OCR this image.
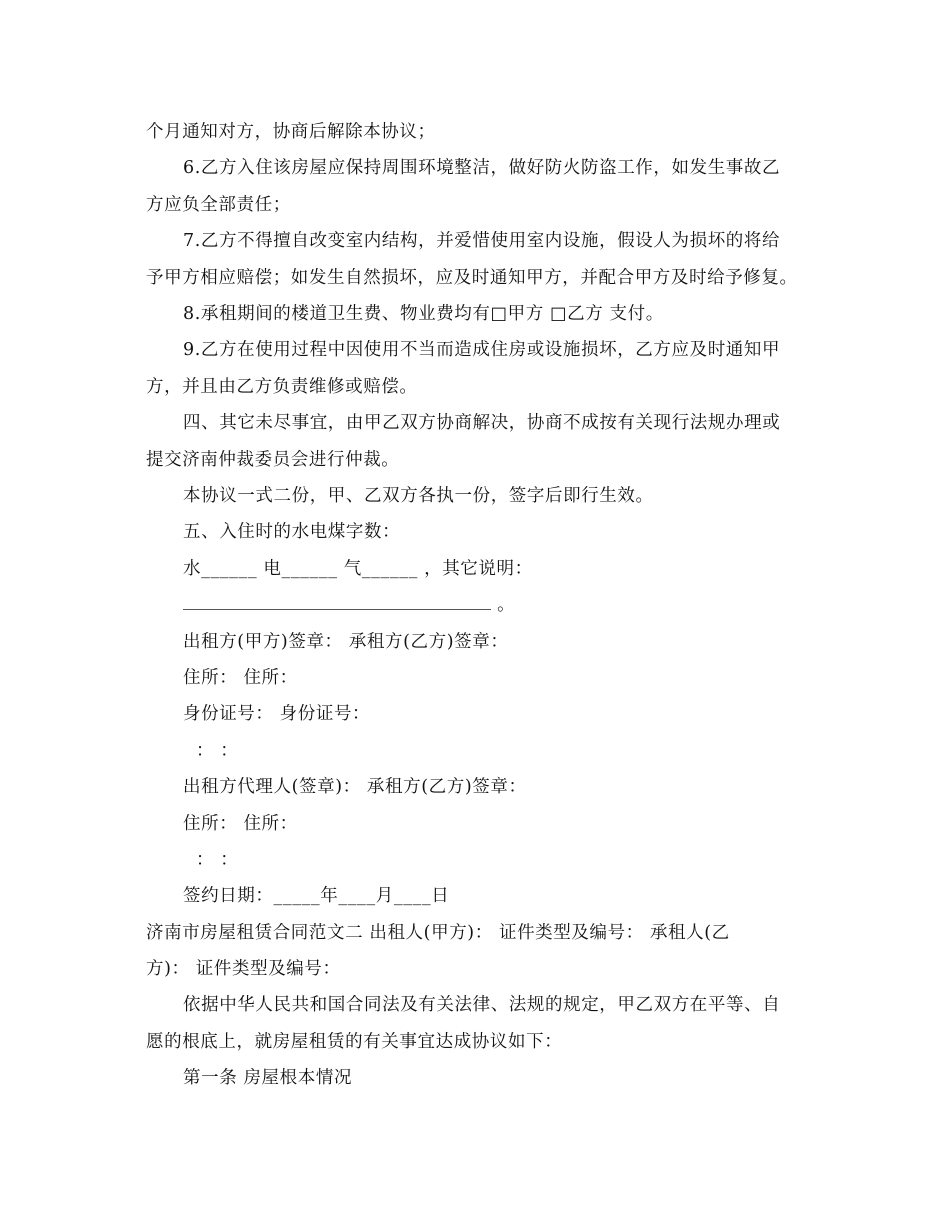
个月通知对方，协商后解除本协议；
6.乙方入住该房屋应保持周围环境整洁，做好防火防盗工作，如发生事故乙
方应负全部责任；
7.乙方不得擅自改变室内结构，并爱惜使用室内设施，假设人为损坏的将给
予甲方相应赔偿；如发生自然损坏，应及时通知甲方，并配合甲方及时给予修复。
8.承租期间的楼道卫生费、物业费均有□甲方 □乙方 支付。
9.乙方在使用过程中因使用不当而造成住房或设施损坏，乙方应及时通知甲
方，并且由乙方负责维修或赔偿。
四、其它未尽事宜，由甲乙双方协商解决，协商不成按有关现行法规办理或
提交济南仲裁委员会进行仲裁。
本协议一式二份，甲、乙双方各执一份，签字后即行生效。
五、入住时的水电煤字数：
水______ 电______ 气______ ，其它说明：
。
出租方(甲方)签章： 承租方(乙方)签章：
住所： 住所：
身份证号： 身份证号：
： ：
出租方代理人(签章)： 承租方(乙方)签章：
住所： 住所：
： ：
签约日期：_____年____月____日
济南市房屋租赁合同范文二 出租人(甲方)： 证件类型及编号： 承租人(乙
方)： 证件类型及编号：
依据中华人民共和国合同法及有关法律、法规的规定，甲乙双方在平等、自
愿的根底上，就房屋租赁的有关事宜达成协议如下：
第一条 房屋根本情况
